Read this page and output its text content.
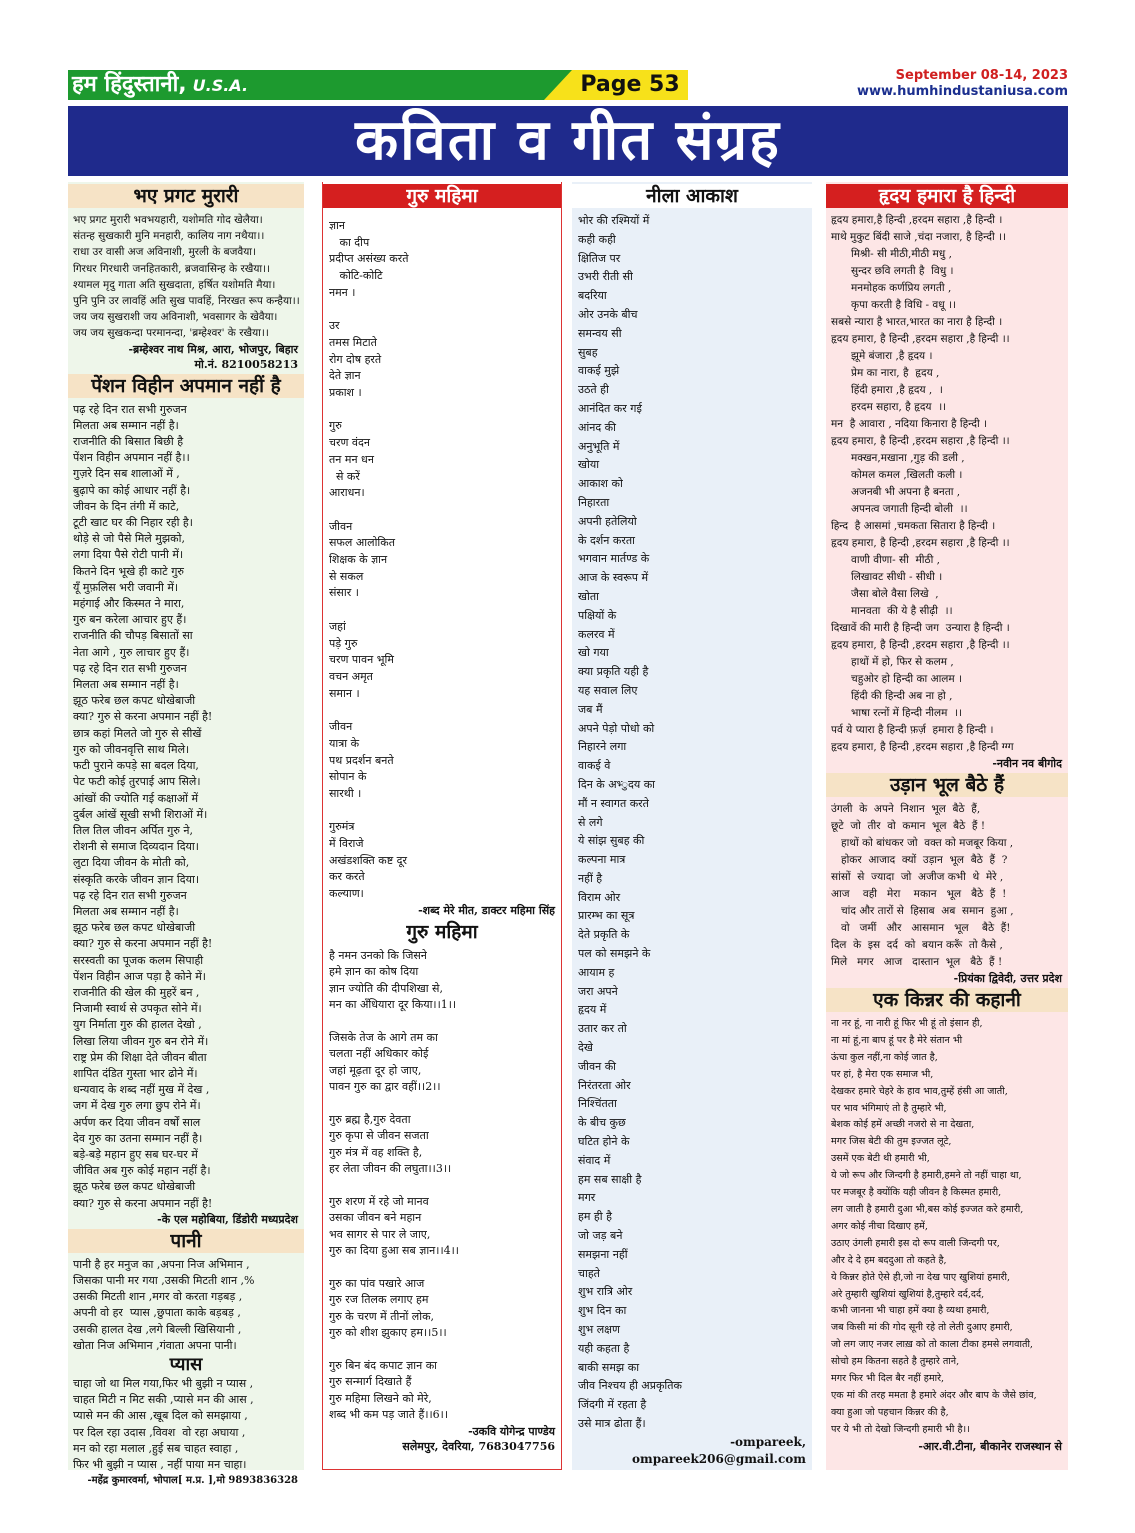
हम हिंदुस्तानी, U.S.A.	Page 53	September 08-14, 2023
www.humhindustaniusa.com
कविता व गीत संग्रह
भए प्रगट मुरारी
भए प्रगट मुरारी भवभयहारी, यशोमति गोद खेलैया।
संतन्ह सुखकारी मुनि मनहारी, कालिय नाग नथैया।।
राधा उर वासी अज अविनाशी, मुरली के बजवैया।
गिरधर गिरधारी जनहितकारी, ब्रजवासिन्ह के रखैया।।
श्यामल मृदु गाता अति सुखदाता, हर्षित यशोमति मैया।
पुनि पुनि उर लावहिं अति सुख पावहिं, निरखत रूप कन्हैया।।
जय जय सुखराशी जय अविनाशी, भवसागर के खेवैया।
जय जय सुखकन्दा परमानन्दा, 'ब्रम्हेश्वर' के रखैया।।
-ब्रम्हेश्वर नाथ मिश्र, आरा, भोजपुर, बिहार
मो.नं. 8210058213
पेंशन विहीन अपमान नहीं है
पढ़ रहे दिन रात सभी गुरुजन
मिलता अब सम्मान नहीं है।
राजनीति की बिसात बिछी है
पेंशन विहीन अपमान नहीं है।।
गुज़रे दिन सब शालाओं में ,
बुढ़ापे का कोई आधार नहीं है।
जीवन के दिन तंगी में काटे,
टूटी खाट घर की निहार रही है।
थोड़े से जो पैसे मिले मुझको,
लगा दिया पैसे रोटी पानी में।
कितने दिन भूखे ही काटे गुरु
यूँ मुफ़लिस भरी जवानी में।
महंगाई और किस्मत ने मारा,
गुरु बन करेला आचार हुए हैं।
राजनीति की चौपड़ बिसातों सा
नेता आगे , गुरु लाचार हुए हैं।
पढ़ रहे दिन रात सभी गुरुजन
मिलता अब सम्मान नहीं है।
झूठ फरेब छल कपट धोखेबाजी
क्या? गुरु से करना अपमान नहीं है!
छात्र कहां मिलते जो गुरु से सीखें
गुरु को जीवनवृत्ति साथ मिले।
फटी पुराने कपड़े सा बदल दिया,
पेट फटी कोई तुरपाई आप सिले।
आंखों की ज्योति गई कक्षाओं में
दुर्बल आंखें सूखी सभी शिराओं में।
तिल तिल जीवन अर्पित गुरु ने,
रोशनी से समाज दिव्यदान दिया।
लुटा दिया जीवन के मोती को,
संस्कृति करके जीवन ज्ञान दिया।
पढ़ रहे दिन रात सभी गुरुजन
मिलता अब सम्मान नहीं है।
झूठ फरेब छल कपट धोखेबाजी
क्या? गुरु से करना अपमान नहीं है!
सरस्वती का पूजक कलम सिपाही
पेंशन विहीन आज पड़ा है कोने में।
राजनीति की खेल की मुहरें बन ,
निजामी स्वार्थ से उपकृत सोने में।
युग निर्माता गुरु की हालत देखो ,
लिखा लिया जीवन गुरु बन रोने में।
राष्ट्र प्रेम की शिक्षा देते जीवन बीता
शापित दंडित गुस्ता भार ढोने में।
धन्यवाद के शब्द नहीं मुख में देख ,
जग में देख गुरु लगा छुप रोने में।
अर्पण कर दिया जीवन वर्षों साल
देव गुरु का उतना सम्मान नहीं है।
बड़े-बड़े महान हुए सब घर-घर में
जीवित अब गुरु कोई महान नहीं है।
झूठ फरेब छल कपट धोखेबाजी
क्या? गुरु से करना अपमान नहीं है!
-के एल महोबिया, डिंडोरी मध्यप्रदेश
पानी
पानी है हर मनुज का ,अपना निज अभिमान ,
जिसका पानी मर गया ,उसकी मिटती शान ,%
उसकी मिटती शान ,मगर वो करता गड़बड़ ,
अपनी वो हर  प्यास ,छुपाता काके बड़बड़ ,
उसकी हालत देख ,लगे बिल्ली खिसियानी ,
खोता निज अभिमान ,गंवाता अपना पानी।
प्यास
चाहा जो था मिल गया,फिर भी बुझी न प्यास ,
चाहत मिटी न मिट सकी ,प्यासे मन की आस ,
प्यासे मन की आस ,खूब दिल को समझाया ,
पर दिल रहा उदास ,विवश  वो रहा अघाया ,
मन को रहा मलाल ,हुई सब चाहत स्वाहा ,
फिर भी बुझी न प्यास , नहीं पाया मन चाहा।
-महेंद्र कुमारवर्मा, भोपाल[ म.प्र. ],मो 9893836328
गुरु महिमा
ज्ञान
का दीप
प्रदीप्त असंख्य करते
कोटि-कोटि
नमन ।

उर
तमस मिटाते
रोग दोष हरते
देते ज्ञान
प्रकाश ।

गुरु
चरण वंदन
तन मन धन
से करें
आराधन।

जीवन
सफल आलोकित
शिक्षक के ज्ञान
से सकल
संसार ।

जहां
पड़े गुरु
चरण पावन भूमि
वचन अमृत
समान ।

जीवन
यात्रा के
पथ प्रदर्शन बनते
सोपान के
सारथी ।

गुरुमंत्र
में विराजे
अखंडशक्ति कष्ट दूर
कर करते
कल्याण।
-शब्द मेरे मीत, डाक्टर महिमा सिंह
गुरु महिमा
है नमन उनको कि जिसने
हमे ज्ञान का कोष दिया
ज्ञान ज्योति की दीपशिखा से,
मन का अँधियारा दूर किया।।1।।

जिसके तेज के आगे तम का
चलता नहीं अधिकार कोई
जहां मूढ़ता दूर हो जाए,
पावन गुरु का द्वार वहीं।।2।।

गुरु ब्रह्म है,गुरु देवता
गुरु कृपा से जीवन सजता
गुरु मंत्र में वह शक्ति है,
हर लेता जीवन की लघुता।।3।।

गुरु शरण में रहे जो मानव
उसका जीवन बने महान
भव सागर से पार ले जाए,
गुरु का दिया हुआ सब ज्ञान।।4।।

गुरु का पांव पखारे आज
गुरु रज तिलक लगाए हम
गुरु के चरण में तीनों लोक,
गुरु को शीश झुकाए हम।।5।।

गुरु बिन बंद कपाट ज्ञान का
गुरु सन्मार्ग दिखाते हैं
गुरु महिमा लिखने को मेरे,
शब्द भी कम पड़ जाते हैं।।6।।
-उकवि योगेन्द्र पाण्डेय
सलेमपुर, देवरिया, 7683047756
नीला आकाश
भोर की रश्मियों में
कही कही
क्षितिज पर
उभरी रीती सी
बदरिया
ओर उनके बीच
समन्वय सी
सुबह
वाकई मुझे
उठते ही
आनंदित कर गई
आंनद की
अनुभूति में
खोया
आकाश को
निहारता
अपनी हतेलियो
के दर्शन करता
भगवान मार्तण्ड के
आज के स्वरूप में
खोता
पक्षियों के
कलरव में
खो गया
क्या प्रकृति यही है
यह सवाल लिए
जब मैं
अपने पेड़ो पोधो को
निहारने लगा
वाकई वे
दिन के अभ्‍ुदय का
मौं न स्वागत करते
से लगे
ये सांझ सुबह की
कल्पना मात्र
नहीं है
विराम ओर
प्रारम्भ का सूत्र
देते प्रकृति के
पल को समझने के
आयाम ह
जरा अपने
हृदय में
उतार कर तो
देखे
जीवन की
निरंतरता ओर
निश्चिंतता
के बीच कुछ
घटित होने के
संवाद में
हम सब साक्षी है
मगर
हम ही है
जो जड़ बने
समझना नहीं
चाहते
शुभ रात्रि ओर
शुभ दिन का
शुभ लक्षण
यही कहता है
बाकी समझ का
जीव निश्चय ही अप्रकृतिक
जिंदगी में रहता है
उसे मात्र ढोता हैं।
-ompareek,
ompareek206@gmail.com
हृदय हमारा है हिन्दी
हृदय हमारा,है हिन्दी ,हरदम सहारा ,है हिन्दी ।
माथे मुकुट बिंदी साजे ,चंदा नजारा, है हिन्दी ।।
मिश्री- सी मीठी,मीठी मधु ,
सुन्दर छवि लगती है  विधु ।
मनमोहक कर्णप्रिय लगती ,
कृपा करती है विधि - वधू ।।
सबसे न्यारा है भारत,भारत का नारा है हिन्दी ।
हृदय हमारा, है हिन्दी ,हरदम सहारा ,है हिन्दी ।।
झूमे बंजारा ,है हृदय ।
प्रेम का नारा, है  हृदय ,
हिंदी हमारा ,है हृदय ,  ।
हरदम सहारा, है हृदय  ।।
मन  है आवारा , नदिया किनारा है हिन्दी ।
हृदय हमारा, है हिन्दी ,हरदम सहारा ,है हिन्दी ।।
मक्खन,मखाना ,गुड़ की डली ,
कोमल कमल ,खिलती कली ।
अजनबी भी अपना है बनता ,
अपनत्व जगाती हिन्दी बोली  ।।
हिन्द  है आसमां ,चमकता सितारा है हिन्दी ।
हृदय हमारा, है हिन्दी ,हरदम सहारा ,है हिन्दी ।।
वाणी वीणा- सी  मीठी ,
लिखावट सीधी - सीधी ।
जैसा बोले वैसा लिखे  ,
मानवता  की ये है सीढ़ी  ।।
दिखावें की मारी है हिन्दी जग  उन्यारा है हिन्दी ।
हृदय हमारा, है हिन्दी ,हरदम सहारा ,है हिन्दी ।।
हाथों में हो, फिर से कलम ,
चहुओर हो हिन्दी का आलम ।
हिंदी की हिन्दी अब ना हो ,
भाषा रत्नों में हिन्दी नीलम  ।।
पर्व ये प्यारा है हिन्दी फ़र्ज़  हमारा है हिन्दी ।
हृदय हमारा, है हिन्दी ,हरदम सहारा ,है हिन्दी ग्ग्ग
-नवीन नव बीगोद
उड़ान भूल बैठे हैं
उंगली  के  अपने  निशान  भूल  बैठे  हैं,
छूटे  जो  तीर  वो  कमान  भूल  बैठे  हैं !
हाथों को बांधकर जो  वक्त को मजबूर किया ,
होकर  आजाद  क्यों  उड़ान  भूल  बैठे  हैं  ?
सांसों  से  ज्यादा  जो  अजीज कभी  थे  मेरे ,
आज    वही   मेरा    मकान   भूल   बैठे  हैं  !
चांद और तारों से  हिसाब  अब  समान  हुआ ,
वो   जमीं   और   आसमान   भूल    बैठे  हैं!
दिल  के  इस  दर्द  को  बयान करूँ  तो कैसे ,
मिले   मगर   आज   दास्तान  भूल   बैठे  हैं !
-प्रियंका द्विवेदी, उत्तर प्रदेश
एक किन्नर की कहानी
ना नर हूं, ना नारी हूं फिर भी हूं तो इंसान ही,
ना मां हूं,ना बाप हूं पर है मेरे संतान भी
ऊंचा कुल नहीं,ना कोई जात है,
पर हां, है मेरा एक समाज भी,
देखकर हमारे चेहरे के हाव भाव,तुम्हें हंसी आ जाती,
पर भाव भंगिमाएं तो है तुम्हारे भी,
बेशक कोई हमें अच्छी नजरो से ना देखता,
मगर जिस बेटी की तुम इज्जत लूटे,
उसमें एक बेटी थी हमारी भी,
ये जो रूप और जिन्दगी है हमारी,हमने तो नहीं चाहा था,
पर मजबूर है क्योंकि यही जीवन है किस्मत हमारी,
लग जाती है हमारी दुआ भी,बस कोई इज्जत करे हमारी,
अगर कोई नीचा दिखाए हमें,
उठाए उंगली हमारी इस दो रूप वाली जिन्दगी पर,
और दे दे हम बददुआ तो कहते है,
ये किन्नर होते ऐसे ही,जो ना देख पाए खुशियां हमारी,
अरे तुम्हारी खुशियां खुशियां है,तुम्हारे दर्द,दर्द,
कभी जानना भी चाहा हमें क्या है व्यथा हमारी,
जब किसी मां की गोद सूनी रहे तो लेती दुआए हमारी,
जो लग जाए नजर लाख़ को तो काला टीका हमसे लगवाती,
सोचो हम कितना सहते है तुम्हारे ताने,
मगर फिर भी दिल बैर नहीं हमारे,
एक मां की तरह ममता है हमारे अंदर और बाप के जैसे छांव,
क्या हुआ जो पहचान किन्नर की है,
पर ये भी तो देखो जिन्दगी हमारी भी है।।
-आर.वी.टीना, बीकानेर राजस्थान से
